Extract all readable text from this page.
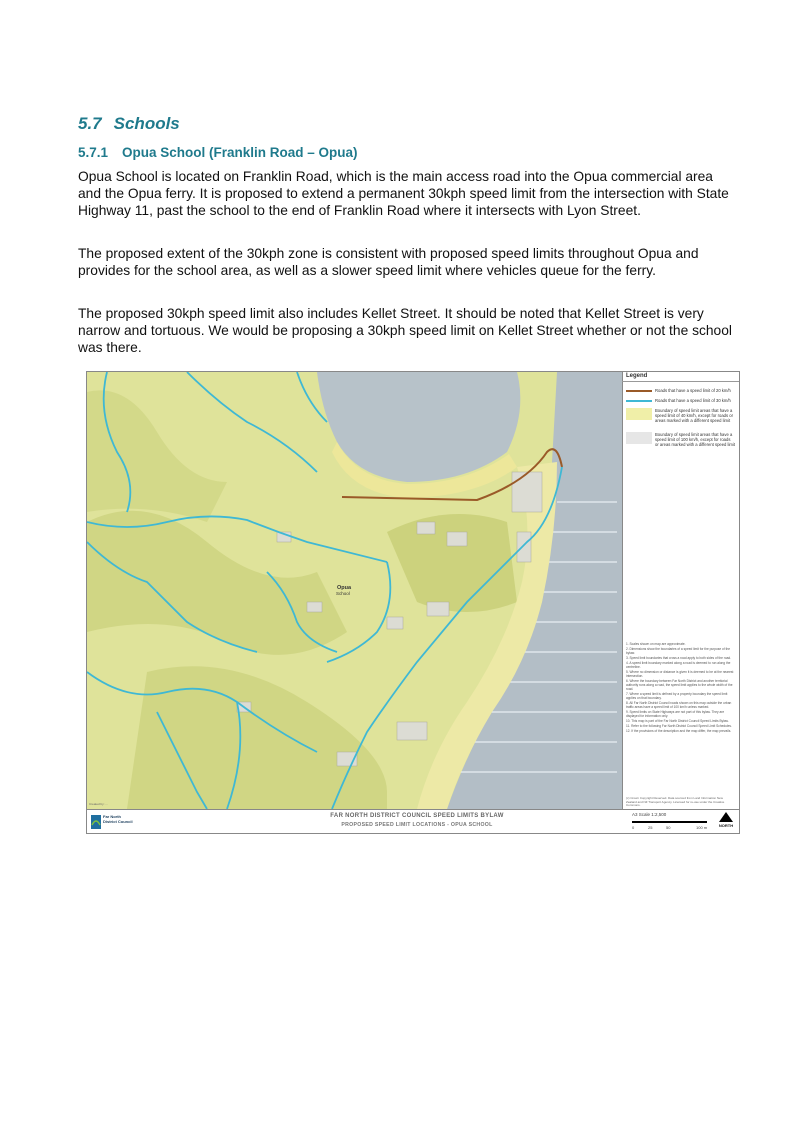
5.7 Schools
5.7.1 Opua School (Franklin Road – Opua)

Opua School is located on Franklin Road, which is the main access road into the Opua commercial area and the Opua ferry. It is proposed to extend a permanent 30kph speed limit from the intersection with State Highway 11, past the school to the end of Franklin Road where it intersects with Lyon Street.

The proposed extent of the 30kph zone is consistent with proposed speed limits throughout Opua and provides for the school area, as well as a slower speed limit where vehicles queue for the ferry.

The proposed 30kph speed limit also includes Kellet Street. It should be noted that Kellet Street is very narrow and tortuous. We would be proposing a 30kph speed limit on Kellet Street whether or not the school was there.

Opua
School
Created by: ...
Legend
Roads that have a speed limit of 20 km/h
Roads that have a speed limit of 30 km/h
Boundary of speed limit areas that have a speed limit of 40 km/h, except for roads or areas marked with a different speed limit
Boundary of speed limit areas that have a speed limit of 100 km/h, except for roads or areas marked with a different speed limit
1. Scales shown on map are approximate.
2. Dimensions show the boundaries of a speed limit for the purpose of the bylaw.
3. Speed limit boundaries that cross a road apply to both sides of the road.
4. A speed limit boundary marked along a road is deemed to run along the centreline.
5. Where no dimension or distance is given it is deemed to be at the nearest intersection.
6. Where the boundary between Far North District and another territorial authority runs along a road, the speed limit applies to the whole width of the road.
7. Where a speed limit is defined by a property boundary the speed limit applies on that boundary.
8. All Far North District Council roads shown on this map outside the urban traffic areas have a speed limit of 100 km/h unless marked.
9. Speed limits on State Highways are not part of this bylaw. They are displayed for information only.
10. This map is part of the Far North District Council Speed Limits Bylaw.
11. Refer to the following Far North District Council Speed Limit Schedules.
12. If the provisions of the description and the map differ, the map prevails.
(c) Crown Copyright Reserved. Data sourced from Land Information New Zealand and NZ Transport Agency. Licensed for re-use under the Creative Commons.
Far North
District Council
FAR NORTH DISTRICT COUNCIL SPEED LIMITS BYLAW
PROPOSED SPEED LIMIT LOCATIONS - OPUA SCHOOL
A3 Scale 1:2,500
0	25	50	100 m	NORTH
